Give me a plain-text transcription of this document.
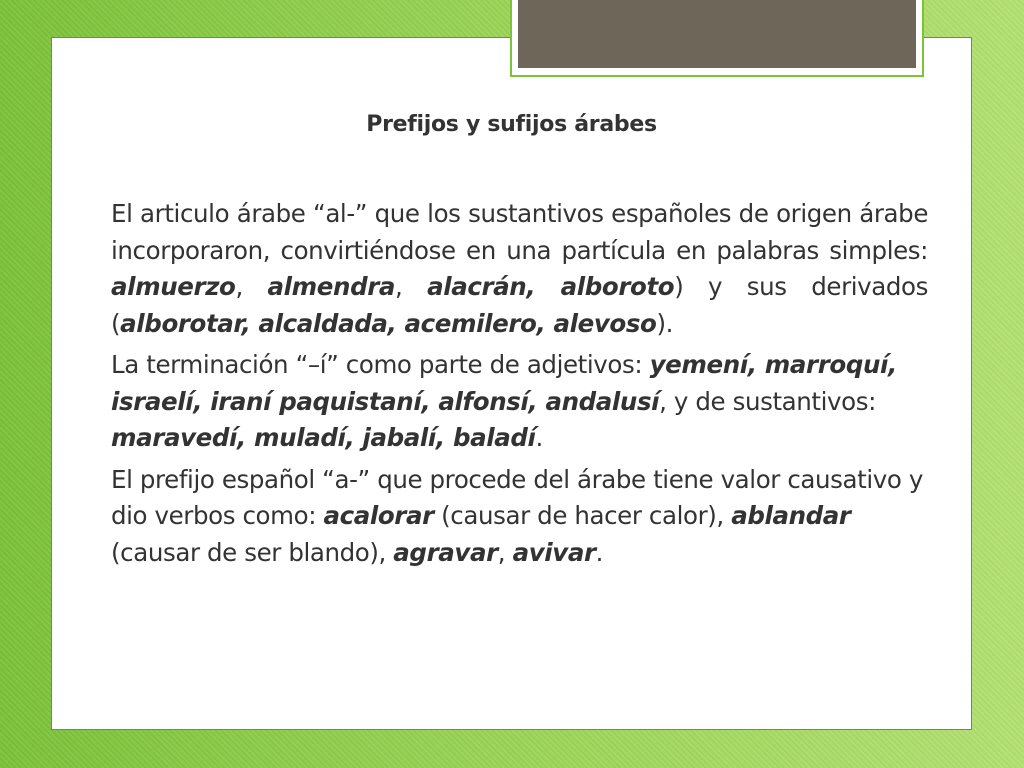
Prefijos y sufijos árabes

El articulo árabe “al-” que los sustantivos españoles de origen árabe incorporaron, convirtiéndose en una partícula en palabras simples: almuerzo, almendra, alacrán, alboroto) y sus derivados (alborotar, alcaldada, acemilero, alevoso).

La terminación “–í” como parte de adjetivos: yemení, marroquí, israelí, iraní paquistaní, alfonsí, andalusí, y de sustantivos: maravedí, muladí, jabalí, baladí.

El prefijo español “a-” que procede del árabe tiene valor causativo y dio verbos como: acalorar (causar de hacer calor), ablandar (causar de ser blando), agravar, avivar.
